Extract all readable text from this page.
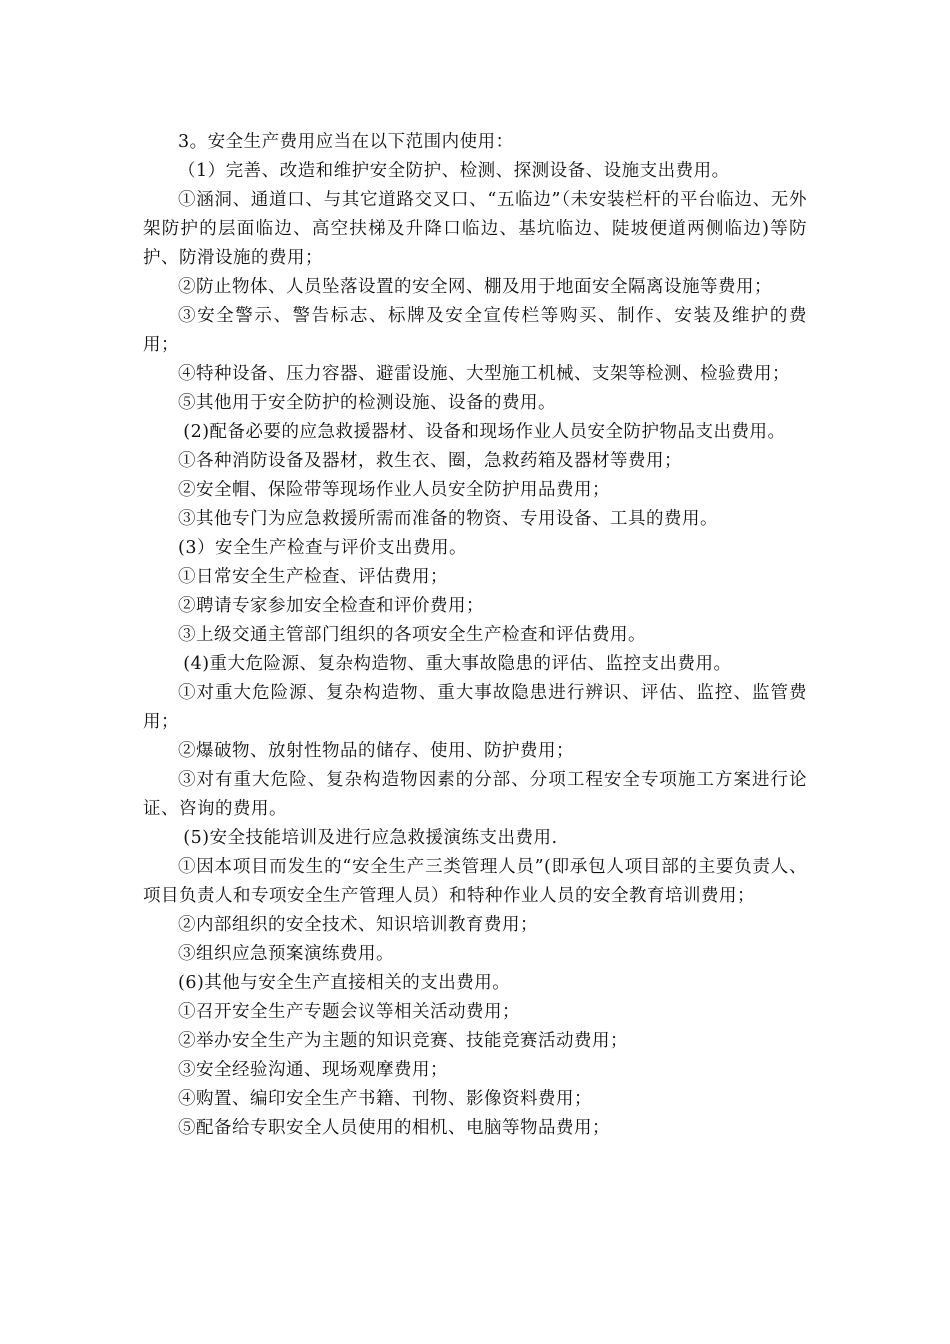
3。安全生产费用应当在以下范围内使用：

（1）完善、改造和维护安全防护、检测、探测设备、设施支出费用。

①涵洞、通道口、与其它道路交叉口、“五临边”（未安装栏杆的平台临边、无外架防护的层面临边、高空扶梯及升降口临边、基坑临边、陡坡便道两侧临边)等防护、防滑设施的费用；

②防止物体、人员坠落设置的安全网、棚及用于地面安全隔离设施等费用；

③安全警示、警告标志、标牌及安全宣传栏等购买、制作、安装及维护的费用；

④特种设备、压力容器、避雷设施、大型施工机械、支架等检测、检验费用；

⑤其他用于安全防护的检测设施、设备的费用。

(2)配备必要的应急救援器材、设备和现场作业人员安全防护物品支出费用。

①各种消防设备及器材，救生衣、圈，急救药箱及器材等费用；

②安全帽、保险带等现场作业人员安全防护用品费用；

③其他专门为应急救援所需而准备的物资、专用设备、工具的费用。

(3）安全生产检查与评价支出费用。

①日常安全生产检查、评估费用；

②聘请专家参加安全检查和评价费用；

③上级交通主管部门组织的各项安全生产检查和评估费用。

(4)重大危险源、复杂构造物、重大事故隐患的评估、监控支出费用。

①对重大危险源、复杂构造物、重大事故隐患进行辨识、评估、监控、监管费用；

②爆破物、放射性物品的储存、使用、防护费用；

③对有重大危险、复杂构造物因素的分部、分项工程安全专项施工方案进行论证、咨询的费用。

(5)安全技能培训及进行应急救援演练支出费用.

①因本项目而发生的“安全生产三类管理人员”(即承包人项目部的主要负责人、项目负责人和专项安全生产管理人员）和特种作业人员的安全教育培训费用；

②内部组织的安全技术、知识培训教育费用；

③组织应急预案演练费用。

(6)其他与安全生产直接相关的支出费用。

①召开安全生产专题会议等相关活动费用；

②举办安全生产为主题的知识竞赛、技能竞赛活动费用；

③安全经验沟通、现场观摩费用；

④购置、编印安全生产书籍、刊物、影像资料费用；

⑤配备给专职安全人员使用的相机、电脑等物品费用；
